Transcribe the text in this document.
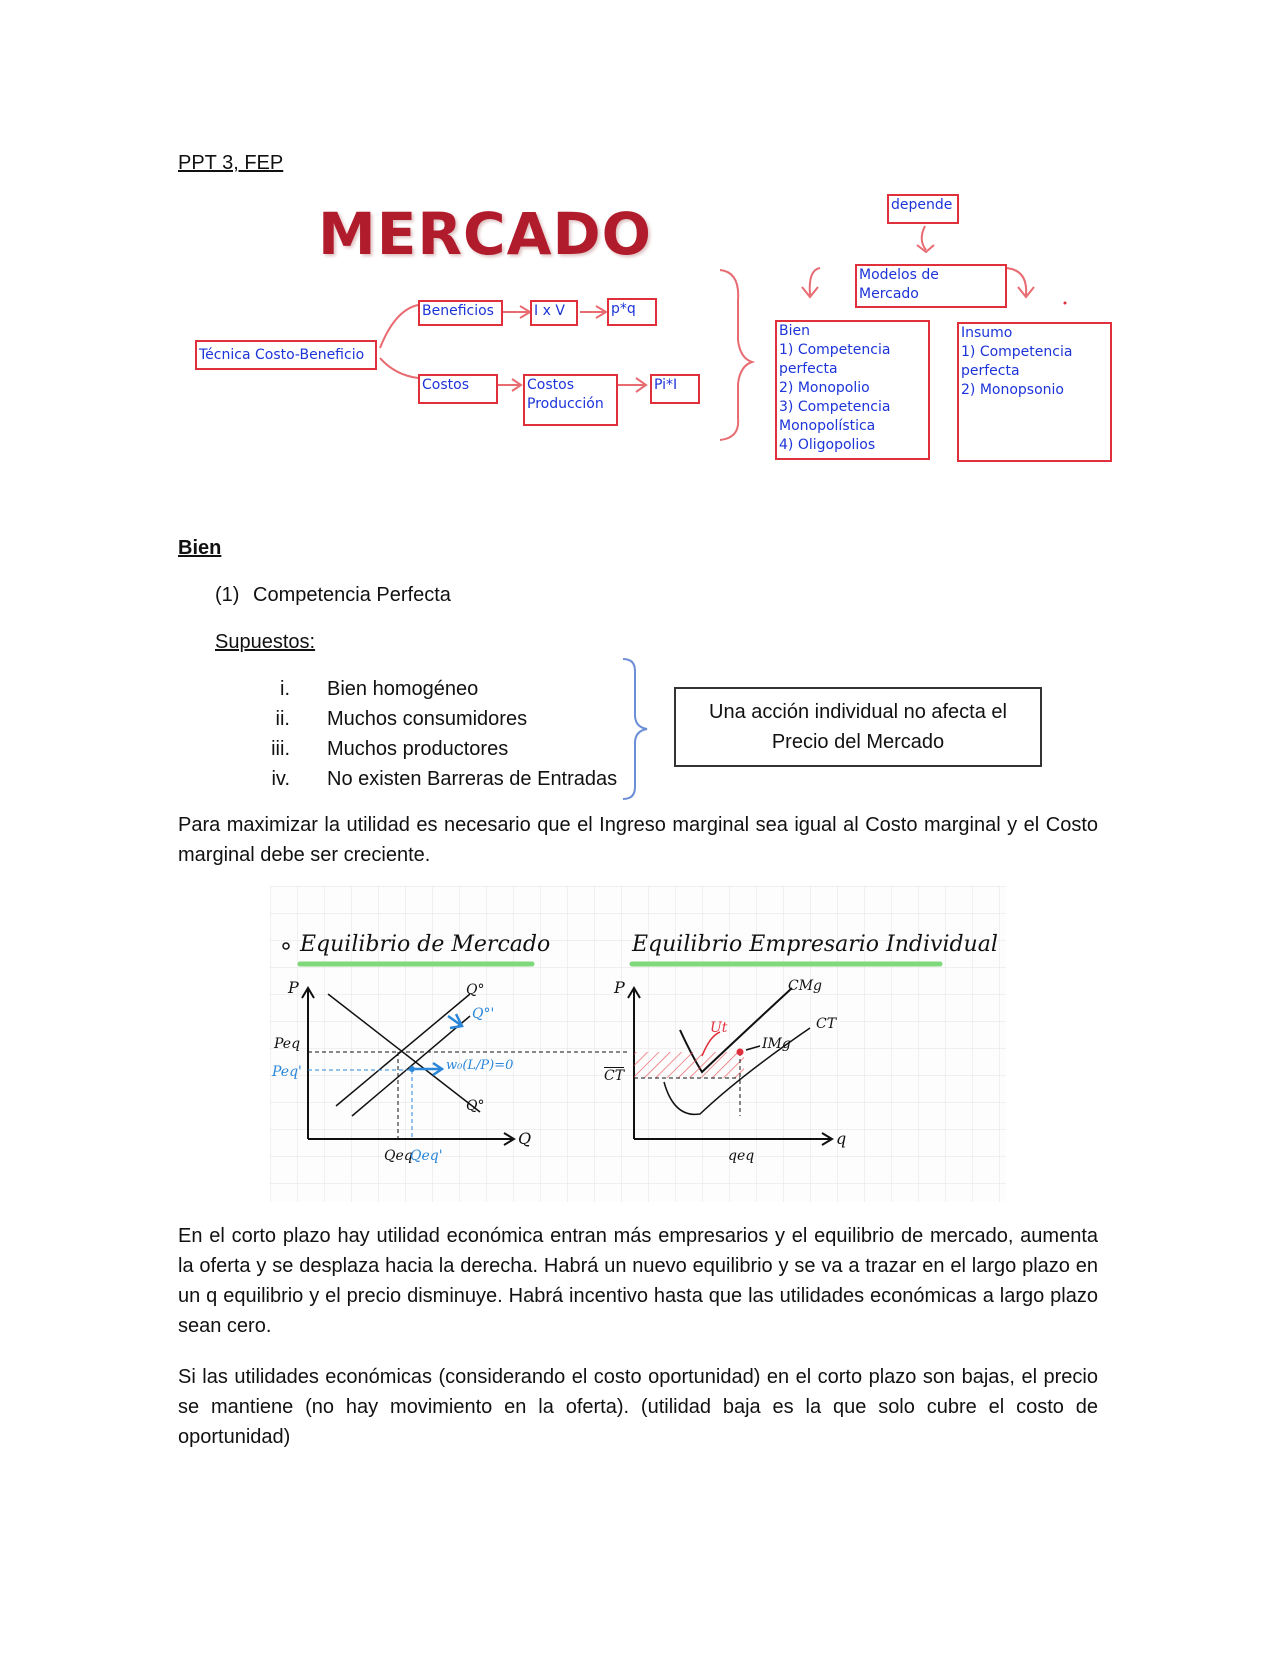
PPT 3, FEP
MERCADO
Técnica Costo-Beneficio
Beneficios	I x V	p*q
Costos	Costos
Producción
Pi*I
depende
Modelos de
Mercado
Bien
1) Competencia
perfecta
2) Monopolio
3) Competencia
Monopolística
4) Oligopolios
Insumo
1) Competencia
perfecta
2) Monopsonio
Bien
(1) Competencia Perfecta
Supuestos:
i. Bien homogéneo
ii. Muchos consumidores
iii. Muchos productores
iv. No existen Barreras de Entradas
Una acción individual no afecta el
Precio del Mercado
Para maximizar la utilidad es necesario que el Ingreso marginal sea igual al Costo marginal y el Costo marginal debe ser creciente.
Equilibrio de Mercado	Equilibrio Empresario Individual
P
Q
Peq
Peq'
Q°
Q°'
Q°
w₀(L/P)=0
Qeq
Qeq'
P
q
CMg
CT
IMg
Ut
$\overline{CT}$
qeq
En el corto plazo hay utilidad económica entran más empresarios y el equilibrio de mercado, aumenta la oferta y se desplaza hacia la derecha. Habrá un nuevo equilibrio y se va a trazar en el largo plazo en un q equilibrio y el precio disminuye. Habrá incentivo hasta que las utilidades económicas a largo plazo sean cero.
Si las utilidades económicas (considerando el costo oportunidad) en el corto plazo son bajas, el precio se mantiene (no hay movimiento en la oferta). (utilidad baja es la que solo cubre el costo de oportunidad)
